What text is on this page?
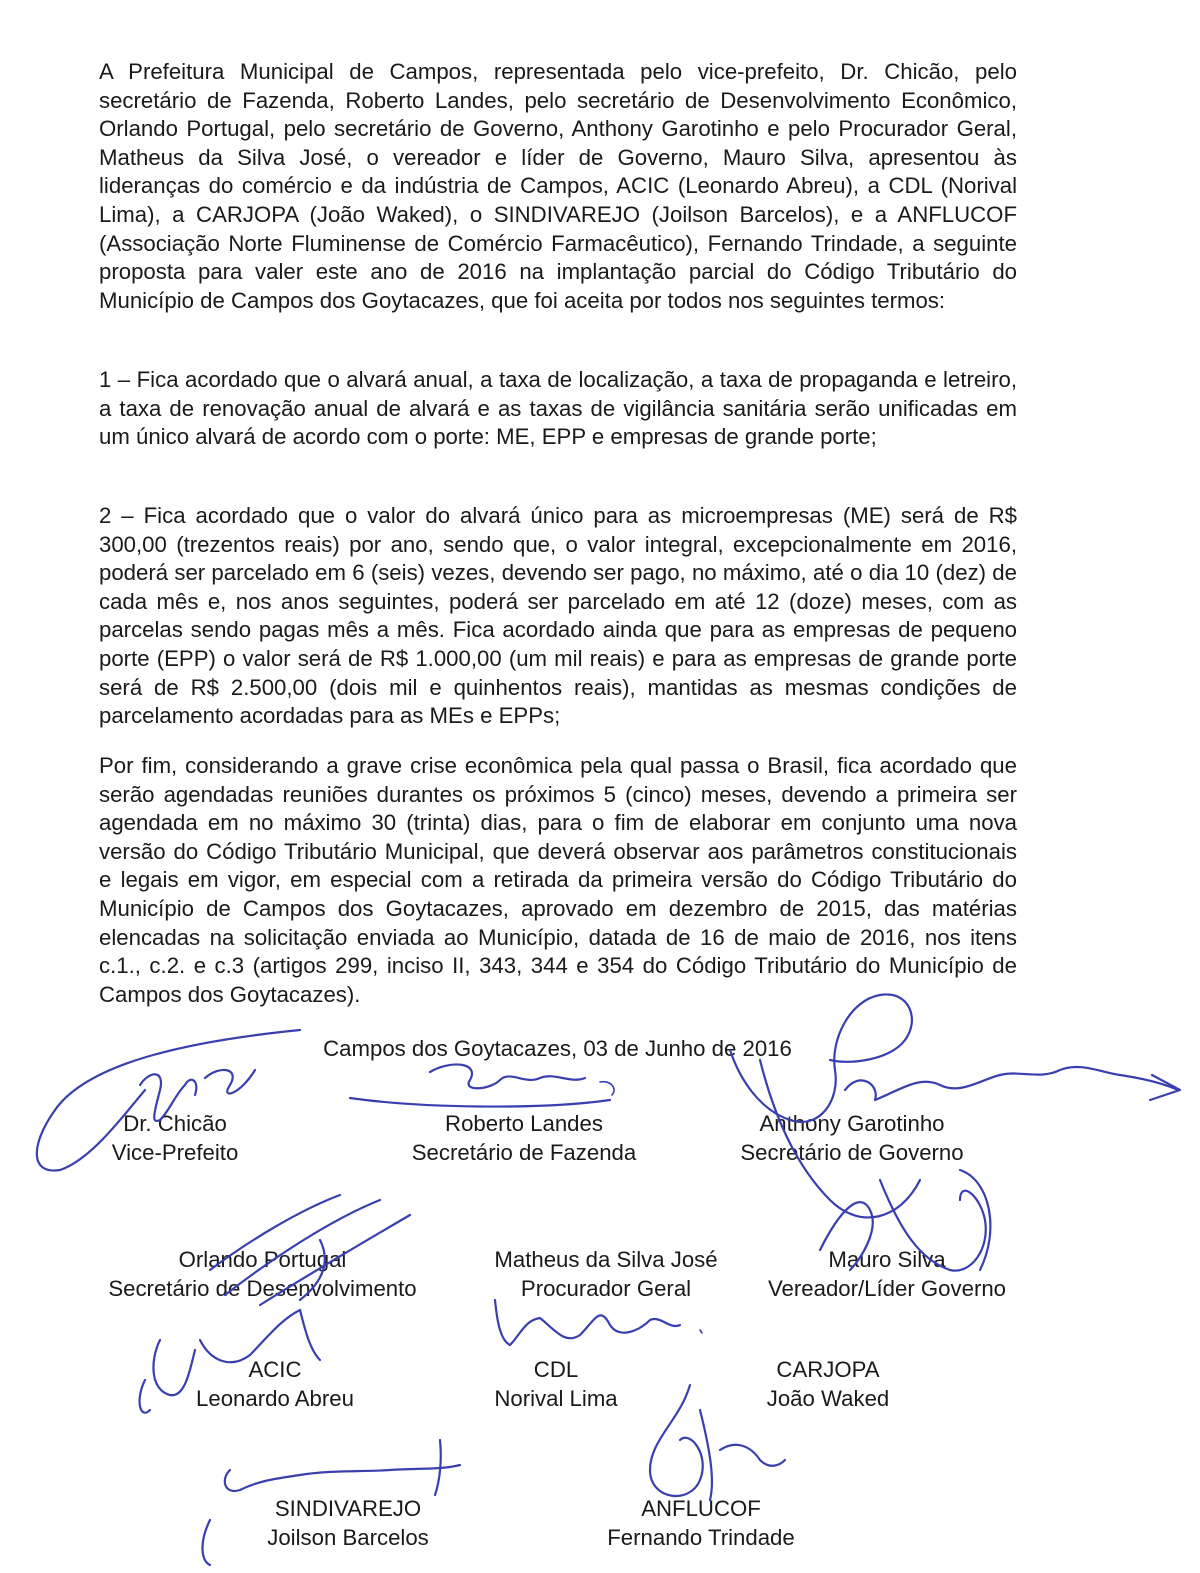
A Prefeitura Municipal de Campos, representada pelo vice-prefeito, Dr. Chicão, pelo secretário de Fazenda, Roberto Landes, pelo secretário de Desenvolvimento Econômico, Orlando Portugal, pelo secretário de Governo, Anthony Garotinho e pelo Procurador Geral, Matheus da Silva José, o vereador e líder de Governo, Mauro Silva, apresentou às lideranças do comércio e da indústria de Campos, ACIC (Leonardo Abreu), a CDL (Norival Lima), a CARJOPA (João Waked), o SINDIVAREJO (Joilson Barcelos), e a ANFLUCOF (Associação Norte Fluminense de Comércio Farmacêutico), Fernando Trindade, a seguinte proposta para valer este ano de 2016 na implantação parcial do Código Tributário do Município de Campos dos Goytacazes, que foi aceita por todos nos seguintes termos:

1 – Fica acordado que o alvará anual, a taxa de localização, a taxa de propaganda e letreiro, a taxa de renovação anual de alvará e as taxas de vigilância sanitária serão unificadas em um único alvará de acordo com o porte: ME, EPP e empresas de grande porte;

2 – Fica acordado que o valor do alvará único para as microempresas (ME) será de R$ 300,00 (trezentos reais) por ano, sendo que, o valor integral, excepcionalmente em 2016, poderá ser parcelado em 6 (seis) vezes, devendo ser pago, no máximo, até o dia 10 (dez) de cada mês e, nos anos seguintes, poderá ser parcelado em até 12 (doze) meses, com as parcelas sendo pagas mês a mês. Fica acordado ainda que para as empresas de pequeno porte (EPP) o valor será de R$ 1.000,00 (um mil reais) e para as empresas de grande porte será de R$ 2.500,00 (dois mil e quinhentos reais), mantidas as mesmas condições de parcelamento acordadas para as MEs e EPPs;

Por fim, considerando a grave crise econômica pela qual passa o Brasil, fica acordado que serão agendadas reuniões durantes os próximos 5 (cinco) meses, devendo a primeira ser agendada em no máximo 30 (trinta) dias, para o fim de elaborar em conjunto uma nova versão do Código Tributário Municipal, que deverá observar aos parâmetros constitucionais e legais em vigor, em especial com a retirada da primeira versão do Código Tributário do Município de Campos dos Goytacazes, aprovado em dezembro de 2015, das matérias elencadas na solicitação enviada ao Município, datada de 16 de maio de 2016, nos itens c.1., c.2. e c.3 (artigos 299, inciso II, 343, 344 e 354 do Código Tributário do Município de Campos dos Goytacazes).

Campos dos Goytacazes, 03 de Junho de 2016
Dr. Chicão
Vice-Prefeito
Roberto Landes
Secretário de Fazenda
Anthony Garotinho
Secretário de Governo
Orlando Portugal
Secretário de Desenvolvimento
Matheus da Silva José
Procurador Geral
Mauro Silva
Vereador/Líder Governo
ACIC
Leonardo Abreu
CDL
Norival Lima
CARJOPA
João Waked
SINDIVAREJO
Joilson Barcelos
ANFLUCOF
Fernando Trindade
